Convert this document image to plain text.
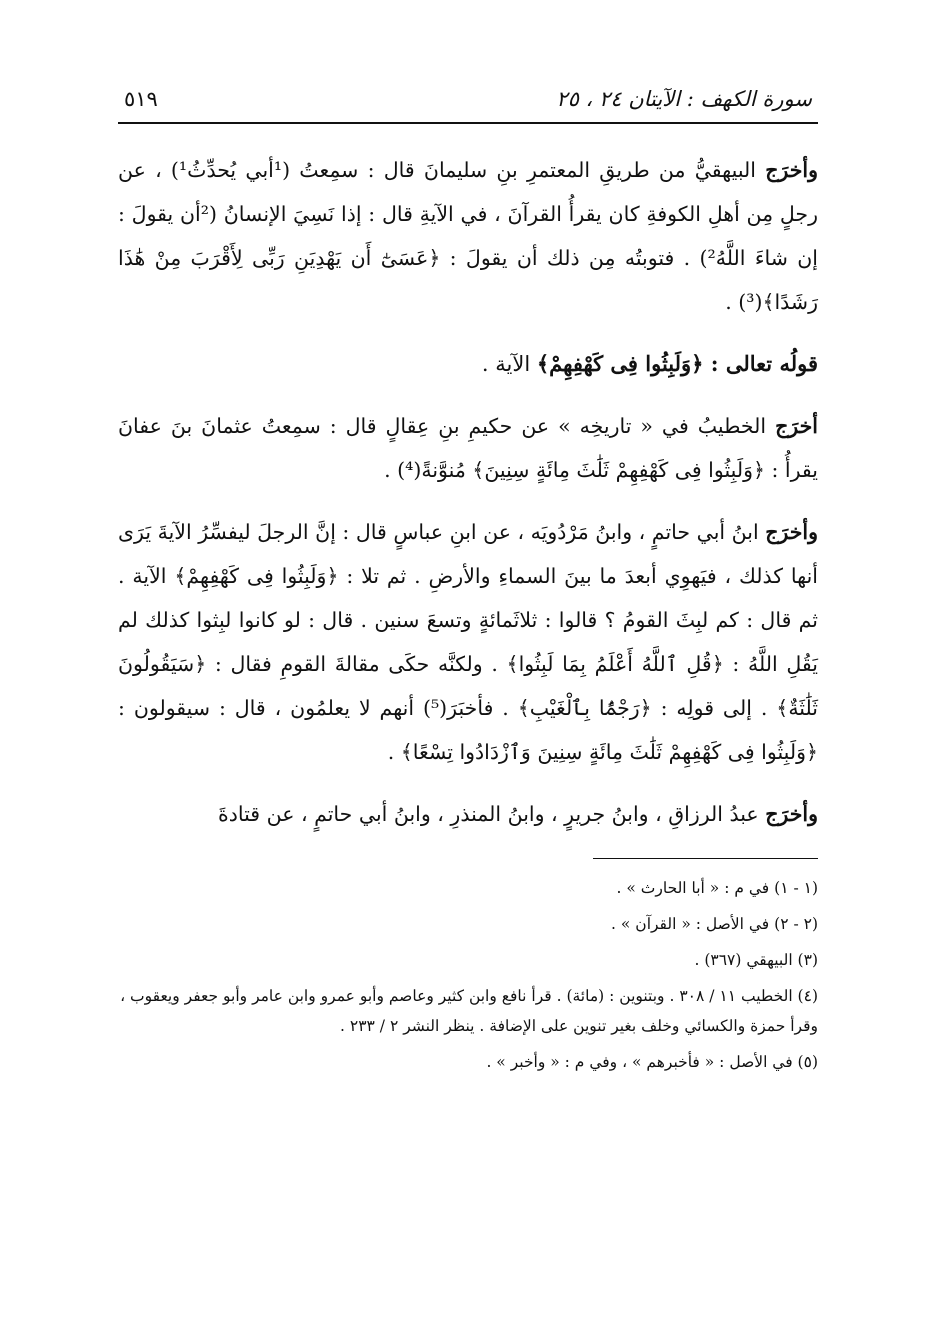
سورة الكهف : الآيتان ٢٤ ، ٢٥
٥١٩

وأخرَج البيهقيُّ من طريقِ المعتمرِ بنِ سليمانَ قال : سمِعتُ (¹أبي يُحدِّثُ¹) ، عن رجلٍ مِن أهلِ الكوفةِ كان يقرأُ القرآنَ ، في الآيةِ قال : إذا نَسِيَ الإنسانُ (²أن يقولَ : إن شاءَ اللَّهُ²) . فتوبتُه مِن ذلك أن يقولَ : ﴿عَسَىٰٓ أَن يَهْدِيَنِ رَبِّى لِأَقْرَبَ مِنْ هَٰذَا رَشَدًا﴾(³) .

قولُه تعالى : ﴿وَلَبِثُوا فِى كَهْفِهِمْ﴾ الآية .

أخرَج الخطيبُ في « تاريخِه » عن حكيمِ بنِ عِقالٍ قال : سمِعتُ عثمانَ بنَ عفانَ يقرأُ : ﴿وَلَبِثُوا فِى كَهْفِهِمْ ثَلَٰثَ مِائَةٍ سِنِينَ﴾ مُنوَّنةً(⁴) .

وأخرَج ابنُ أبي حاتمٍ ، وابنُ مَرْدُويَه ، عن ابنِ عباسٍ قال : إنَّ الرجلَ ليفسِّرُ الآيةَ يَرَى أنها كذلك ، فيَهوِي أبعدَ ما بينَ السماءِ والأرضِ . ثم تلا : ﴿وَلَبِثُوا فِى كَهْفِهِمْ﴾ الآية . ثم قال : كم لبِثَ القومُ ؟ قالوا : ثلاثَمائةٍ وتسعَ سنين . قال : لو كانوا لبِثوا كذلك لم يَقُلِ اللَّهُ : ﴿قُلِ ٱللَّهُ أَعْلَمُ بِمَا لَبِثُوا﴾ . ولكنَّه حكَى مقالةَ القومِ فقال : ﴿سَيَقُولُونَ ثَلَٰثَةٌ﴾ . إلى قولِه : ﴿رَجْمًۢا بِٱلْغَيْبِ﴾ . فأخبَرَ(⁵) أنهم لا يعلمُون ، قال : سيقولون : ﴿وَلَبِثُوا فِى كَهْفِهِمْ ثَلَٰثَ مِائَةٍ سِنِينَ وَٱزْدَادُوا تِسْعًا﴾ .

وأخرَج عبدُ الرزاقِ ، وابنُ جريرٍ ، وابنُ المنذرِ ، وابنُ أبي حاتمٍ ، عن قتادةَ

(١ - ١) في م : « أبا الحارث » .
(٢ - ٢) في الأصل : « القرآن » .
(٣) البيهقي (٣٦٧) .
(٤) الخطيب ١١ / ٣٠٨ . وبتنوين : (مائة) . قرأ نافع وابن كثير وعاصم وأبو عمرو وابن عامر وأبو جعفر ويعقوب ، وقرأ حمزة والكسائي وخلف بغير تنوين على الإضافة . ينظر النشر ٢ / ٢٣٣ .
(٥) في الأصل : « فأخبرهم » ، وفي م : « وأخبر » .
